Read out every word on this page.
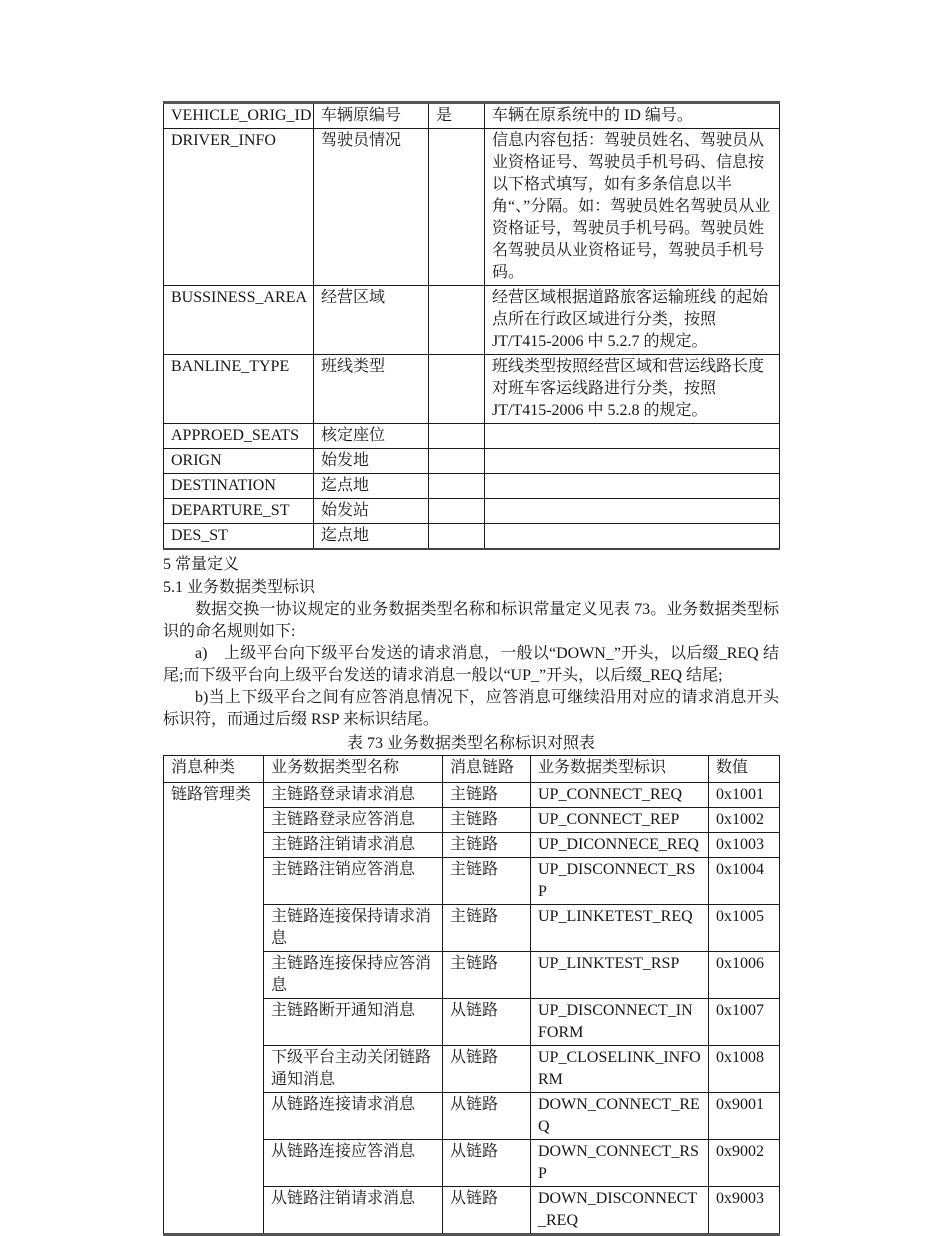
VEHICLE_ORIG_ID	车辆原编号	是	车辆在原系统中的 ID 编号。
DRIVER_INFO	驾驶员情况		信息内容包括：驾驶员姓名、驾驶员从业资格证号、驾驶员手机号码、信息按以下格式填写，如有多条信息以半角“、”分隔。如：驾驶员姓名驾驶员从业资格证号，驾驶员手机号码。驾驶员姓名驾驶员从业资格证号，驾驶员手机号码。
BUSSINESS_AREA	经营区域		经营区域根据道路旅客运输班线 的起始点所在行政区域进行分类，按照 JT/T415-2006 中 5.2.7 的规定。
BANLINE_TYPE	班线类型		班线类型按照经营区域和营运线路长度对班车客运线路进行分类，按照 JT/T415-2006 中 5.2.8 的规定。
APPROED_SEATS	核定座位		
ORIGN	始发地		
DESTINATION	迄点地		
DEPARTURE_ST	始发站		
DES_ST	迄点地		
5 常量定义
5.1 业务数据类型标识

数据交换一协议规定的业务数据类型名称和标识常量定义见表 73。业务数据类型标识的命名规则如下:

a)　上级平台向下级平台发送的请求消息，一般以“DOWN_”开头，以后缀_REQ 结尾;而下级平台向上级平台发送的请求消息一般以“UP_”开头，以后缀_REQ 结尾;

b)当上下级平台之间有应答消息情况下，应答消息可继续沿用对应的请求消息开头标识符，而通过后缀 RSP 来标识结尾。

表 73 业务数据类型名称标识对照表
消息种类	业务数据类型名称	消息链路	业务数据类型标识	数值
链路管理类	主链路登录请求消息	主链路	UP_CONNECT_REQ	0x1001
	主链路登录应答消息	主链路	UP_CONNECT_REP	0x1002
	主链路注销请求消息	主链路	UP_DICONNECE_REQ	0x1003
	主链路注销应答消息	主链路	UP_DISCONNECT_RSP	0x1004
	主链路连接保持请求消息	主链路	UP_LINKETEST_REQ	0x1005
	主链路连接保持应答消息	主链路	UP_LINKTEST_RSP	0x1006
	主链路断开通知消息	从链路	UP_DISCONNECT_INFORM	0x1007
	下级平台主动关闭链路通知消息	从链路	UP_CLOSELINK_INFORM	0x1008
	从链路连接请求消息	从链路	DOWN_CONNECT_REQ	0x9001
	从链路连接应答消息	从链路	DOWN_CONNECT_RSP	0x9002
	从链路注销请求消息	从链路	DOWN_DISCONNECT_REQ	0x9003
